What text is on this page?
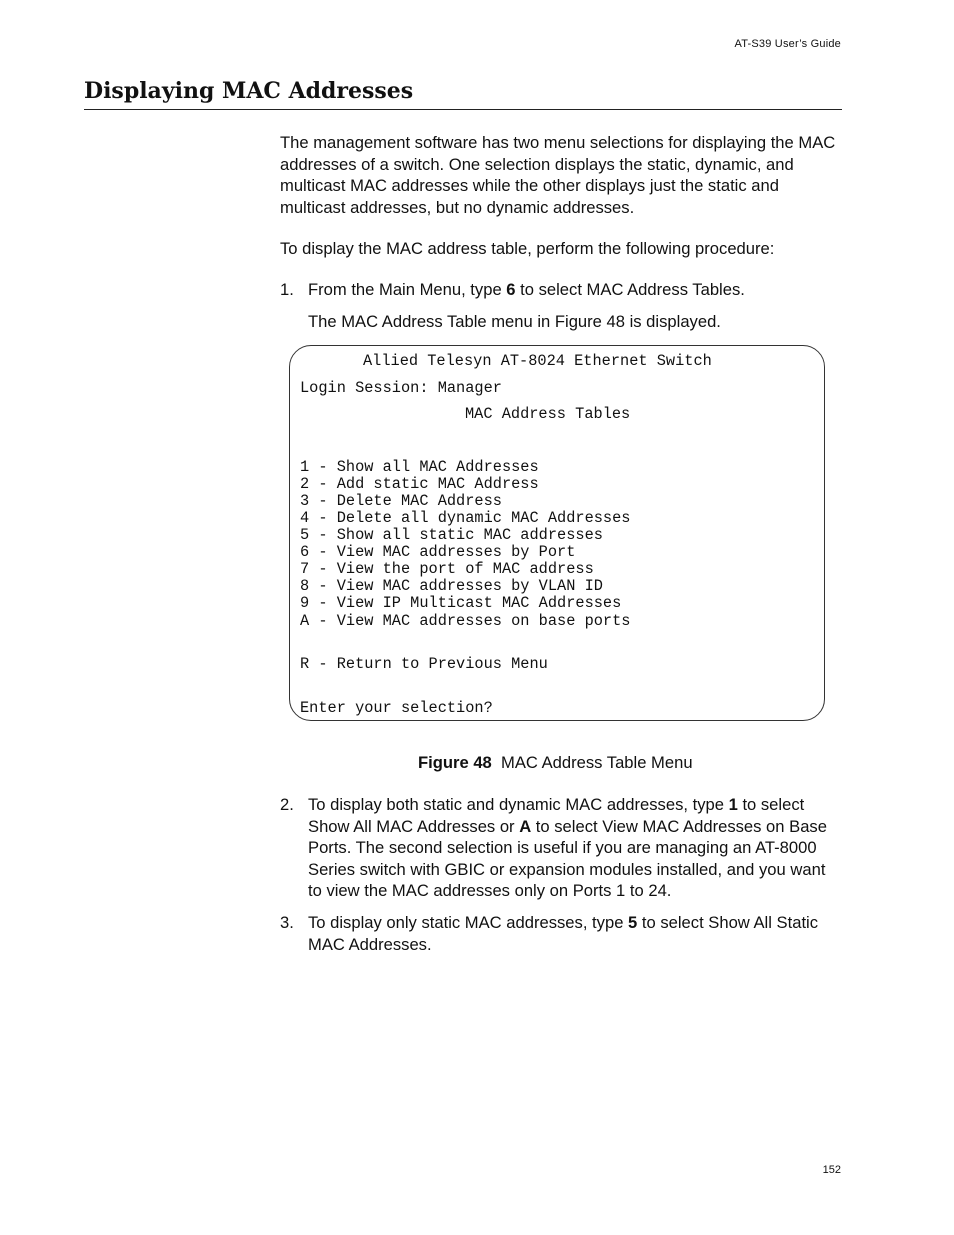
AT-S39 User’s Guide
Displaying MAC Addresses

The management software has two menu selections for displaying the MAC addresses of a switch. One selection displays the static, dynamic, and multicast MAC addresses while the other displays just the static and multicast addresses, but no dynamic addresses.

To display the MAC address table, perform the following procedure:

1. From the Main Menu, type 6 to select MAC Address Tables.
The MAC Address Table menu in Figure 48 is displayed.
Allied Telesyn AT-8024 Ethernet Switch
Login Session: Manager
MAC Address Tables
1 - Show all MAC Addresses
2 - Add static MAC Address
3 - Delete MAC Address
4 - Delete all dynamic MAC Addresses
5 - Show all static MAC addresses
6 - View MAC addresses by Port
7 - View the port of MAC address
8 - View MAC addresses by VLAN ID
9 - View IP Multicast MAC Addresses
A - View MAC addresses on base ports
R - Return to Previous Menu
Enter your selection?
Figure 48 MAC Address Table Menu
2. To display both static and dynamic MAC addresses, type 1 to select Show All MAC Addresses or A to select View MAC Addresses on Base Ports. The second selection is useful if you are managing an AT-8000 Series switch with GBIC or expansion modules installed, and you want to view the MAC addresses only on Ports 1 to 24.
3. To display only static MAC addresses, type 5 to select Show All Static MAC Addresses.
152
